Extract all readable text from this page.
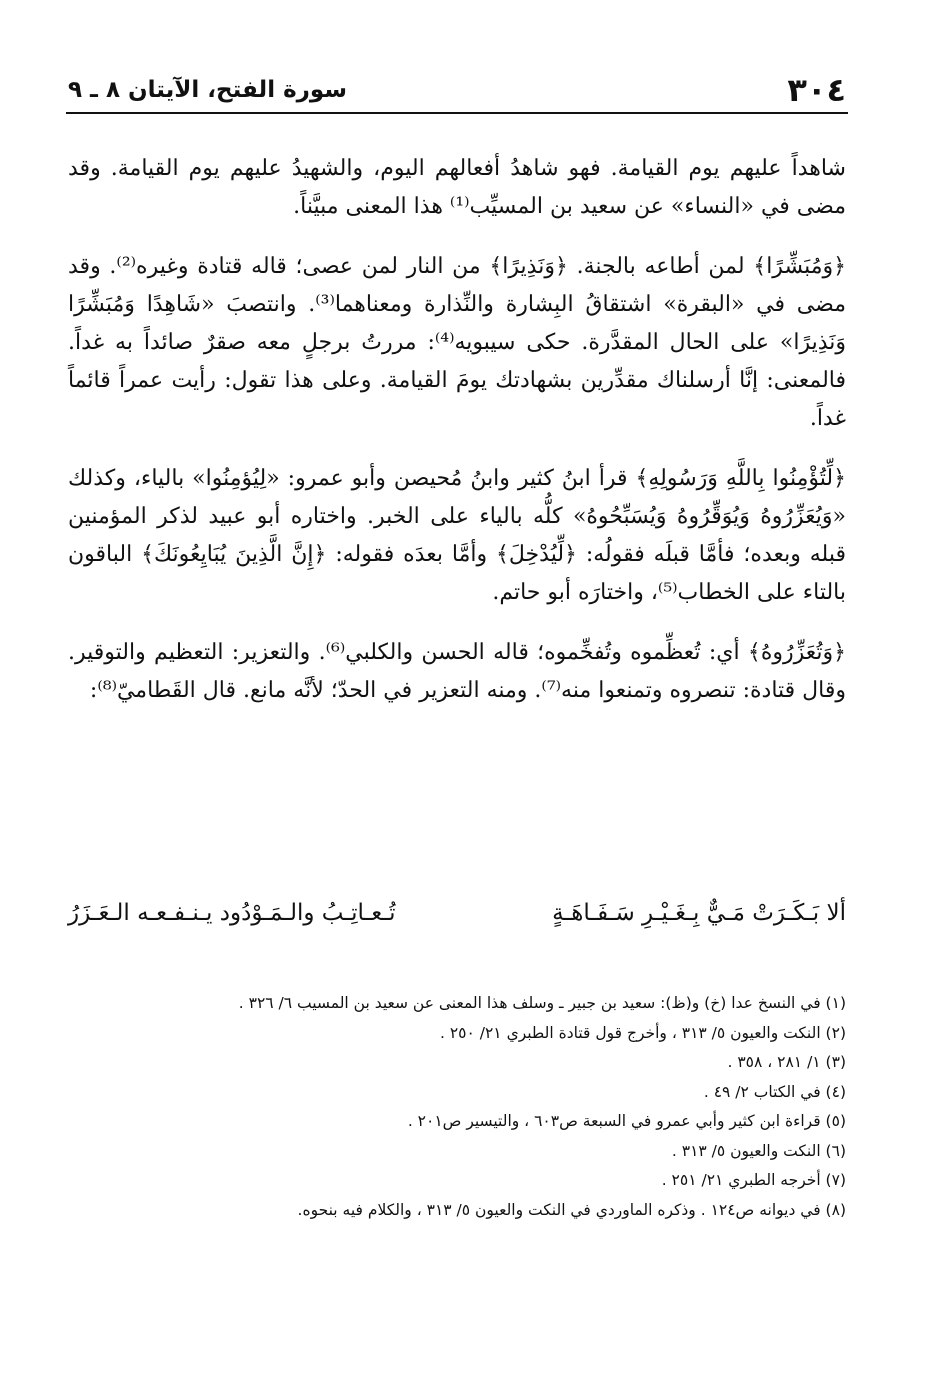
٣٠٤
سورة الفتح، الآيتان ٨ ـ ٩

شاهداً عليهم يوم القيامة. فهو شاهدُ أفعالهم اليوم، والشهيدُ عليهم يوم القيامة. وقد مضى في «النساء» عن سعيد بن المسيِّب⁽¹⁾ هذا المعنى مبيَّناً.

﴿وَمُبَشِّرًا﴾ لمن أطاعه بالجنة. ﴿وَنَذِيرًا﴾ من النار لمن عصى؛ قاله قتادة وغيره⁽²⁾. وقد مضى في «البقرة» اشتقاقُ البِشارة والنِّذارة ومعناهما⁽³⁾. وانتصبَ «شَاهِدًا وَمُبَشِّرًا وَنَذِيرًا» على الحال المقدَّرة. حكى سيبويه⁽⁴⁾: مررتُ برجلٍ معه صقرٌ صائداً به غداً. فالمعنى: إنَّا أرسلناك مقدِّرين بشهادتك يومَ القيامة. وعلى هذا تقول: رأيت عمراً قائماً غداً.

﴿لِّتُؤْمِنُوا بِاللَّهِ وَرَسُولِهِ﴾ قرأ ابنُ كثير وابنُ مُحيصن وأبو عمرو: «لِيُؤمِنُوا» بالياء، وكذلك «وَيُعَزِّرُوهُ وَيُوَقِّرُوهُ وَيُسَبِّحُوهُ» كلُّه بالياء على الخبر. واختاره أبو عبيد لذكر المؤمنين قبله وبعده؛ فأمَّا قبلَه فقولُه: ﴿لِّيُدْخِلَ﴾ وأمَّا بعدَه فقوله: ﴿إِنَّ الَّذِينَ يُبَايِعُونَكَ﴾ الباقون بالتاء على الخطاب⁽⁵⁾، واختارَه أبو حاتم.

﴿وَتُعَزِّرُوهُ﴾ أي: تُعظِّموه وتُفخِّموه؛ قاله الحسن والكلبي⁽⁶⁾. والتعزير: التعظيم والتوقير. وقال قتادة: تنصروه وتمنعوا منه⁽⁷⁾. ومنه التعزير في الحدّ؛ لأنَّه مانع. قال القَطاميّ⁽⁸⁾:

ألا بَـكَـرَتْ مَـيٌّ بِـغَـيْـرِ سَـفَـاهَـةٍ
تُـعـاتِـبُ والـمَـوْدُود يـنـفـعـه الـعَـزَرُ
(١) في النسخ عدا (خ) و(ظ): سعيد بن جبير ـ وسلف هذا المعنى عن سعيد بن المسيب ٦/ ٣٢٦ .
(٢) النكت والعيون ٥/ ٣١٣ ، وأخرج قول قتادة الطبري ٢١/ ٢٥٠ .
(٣) ١/ ٢٨١ ، ٣٥٨ .
(٤) في الكتاب ٢/ ٤٩ .
(٥) قراءة ابن كثير وأبي عمرو في السبعة ص٦٠٣ ، والتيسير ص٢٠١ .
(٦) النكت والعيون ٥/ ٣١٣ .
(٧) أخرجه الطبري ٢١/ ٢٥١ .
(٨) في ديوانه ص١٢٤ . وذكره الماوردي في النكت والعيون ٥/ ٣١٣ ، والكلام فيه بنحوه.
